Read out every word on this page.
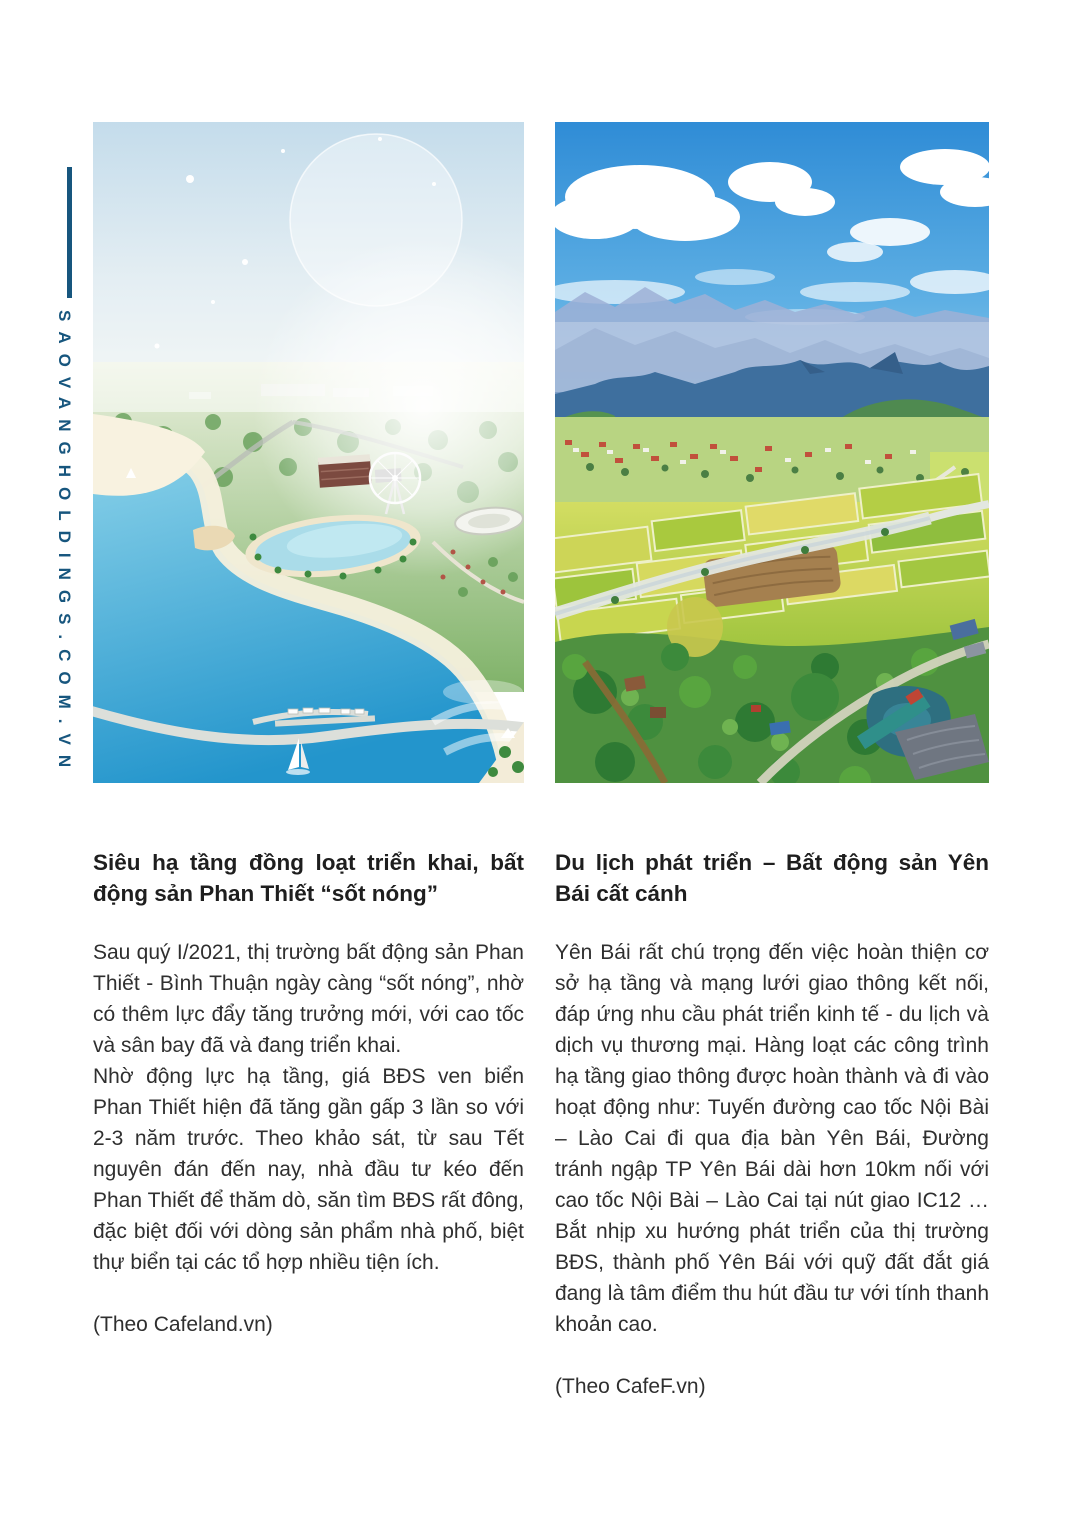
SAOVANGHOLDINGS.COM.VN
Siêu hạ tầng đồng loạt triển khai, bất động sản Phan Thiết “sốt nóng”

Sau quý I/2021, thị trường bất động sản Phan Thiết - Bình Thuận ngày càng “sốt nóng”, nhờ có thêm lực đẩy tăng trưởng mới, với cao tốc và sân bay đã và đang triển khai.

Nhờ động lực hạ tầng, giá BĐS ven biển Phan Thiết hiện đã tăng gần gấp 3 lần so với 2-3 năm trước. Theo khảo sát, từ sau Tết nguyên đán đến nay, nhà đầu tư kéo đến Phan Thiết để thăm dò, săn tìm BĐS rất đông, đặc biệt đối với dòng sản phẩm nhà phố, biệt thự biển tại các tổ hợp nhiều tiện ích.

(Theo Cafeland.vn)

Du lịch phát triển – Bất động sản Yên Bái cất cánh

Yên Bái rất chú trọng đến việc hoàn thiện cơ sở hạ tầng và mạng lưới giao thông kết nối, đáp ứng nhu cầu phát triển kinh tế - du lịch và dịch vụ thương mại. Hàng loạt các công trình hạ tầng giao thông được hoàn thành và đi vào hoạt động như: Tuyến đường cao tốc Nội Bài – Lào Cai đi qua địa bàn Yên Bái, Đường tránh ngập TP Yên Bái dài hơn 10km nối với cao tốc Nội Bài – Lào Cai tại nút giao IC12 … Bắt nhịp xu hướng phát triển của thị trường BĐS, thành phố Yên Bái với quỹ đất đắt giá đang là tâm điểm thu hút đầu tư với tính thanh khoản cao.

(Theo CafeF.vn)
